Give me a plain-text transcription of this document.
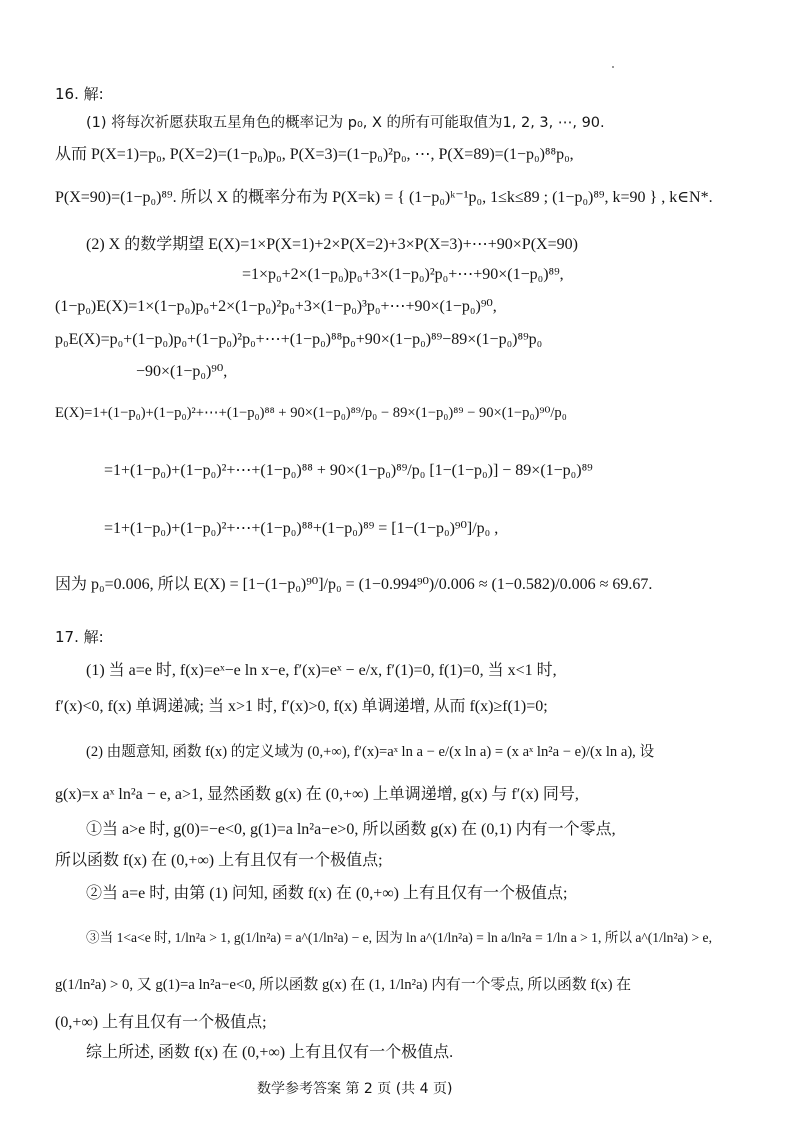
16. 解:
(1) 将每次祈愿获取五星角色的概率记为 p₀, X 的所有可能取值为1, 2, 3, ⋯, 90.
从而 P(X=1)=p₀, P(X=2)=(1−p₀)p₀, P(X=3)=(1−p₀)²p₀, ⋯, P(X=89)=(1−p₀)⁸⁸p₀,
P(X=90)=(1−p₀)⁸⁹. 所以 X 的概率分布为 P(X=k) = { (1−p₀)ᵏ⁻¹p₀, 1≤k≤89 ; (1−p₀)⁸⁹, k=90 } , k∈N*.
(2) X 的数学期望 E(X)=1×P(X=1)+2×P(X=2)+3×P(X=3)+⋯+90×P(X=90)
=1×p₀+2×(1−p₀)p₀+3×(1−p₀)²p₀+⋯+90×(1−p₀)⁸⁹,
(1−p₀)E(X)=1×(1−p₀)p₀+2×(1−p₀)²p₀+3×(1−p₀)³p₀+⋯+90×(1−p₀)⁹⁰,
p₀E(X)=p₀+(1−p₀)p₀+(1−p₀)²p₀+⋯+(1−p₀)⁸⁸p₀+90×(1−p₀)⁸⁹−89×(1−p₀)⁸⁹p₀
−90×(1−p₀)⁹⁰,
E(X)=1+(1−p₀)+(1−p₀)²+⋯+(1−p₀)⁸⁸ + 90×(1−p₀)⁸⁹/p₀ − 89×(1−p₀)⁸⁹ − 90×(1−p₀)⁹⁰/p₀
=1+(1−p₀)+(1−p₀)²+⋯+(1−p₀)⁸⁸ + 90×(1−p₀)⁸⁹/p₀ [1−(1−p₀)] − 89×(1−p₀)⁸⁹
=1+(1−p₀)+(1−p₀)²+⋯+(1−p₀)⁸⁸+(1−p₀)⁸⁹ = [1−(1−p₀)⁹⁰]/p₀ ,
因为 p₀=0.006, 所以 E(X) = [1−(1−p₀)⁹⁰]/p₀ = (1−0.994⁹⁰)/0.006 ≈ (1−0.582)/0.006 ≈ 69.67.
17. 解:
(1) 当 a=e 时, f(x)=eˣ−e ln x−e, f′(x)=eˣ − e/x, f′(1)=0, f(1)=0, 当 x<1 时,
f′(x)<0, f(x) 单调递减; 当 x>1 时, f′(x)>0, f(x) 单调递增, 从而 f(x)≥f(1)=0;
(2) 由题意知, 函数 f(x) 的定义域为 (0,+∞), f′(x)=aˣ ln a − e/(x ln a) = (x aˣ ln²a − e)/(x ln a), 设
g(x)=x aˣ ln²a − e, a>1, 显然函数 g(x) 在 (0,+∞) 上单调递增, g(x) 与 f′(x) 同号,
①当 a>e 时, g(0)=−e<0, g(1)=a ln²a−e>0, 所以函数 g(x) 在 (0,1) 内有一个零点,
所以函数 f(x) 在 (0,+∞) 上有且仅有一个极值点;
②当 a=e 时, 由第 (1) 问知, 函数 f(x) 在 (0,+∞) 上有且仅有一个极值点;
③当 1<a<e 时, 1/ln²a > 1, g(1/ln²a) = a^(1/ln²a) − e, 因为 ln a^(1/ln²a) = ln a/ln²a = 1/ln a > 1, 所以 a^(1/ln²a) > e,
g(1/ln²a) > 0, 又 g(1)=a ln²a−e<0, 所以函数 g(x) 在 (1, 1/ln²a) 内有一个零点, 所以函数 f(x) 在
(0,+∞) 上有且仅有一个极值点;
综上所述, 函数 f(x) 在 (0,+∞) 上有且仅有一个极值点.
数学参考答案 第 2 页 (共 4 页)
